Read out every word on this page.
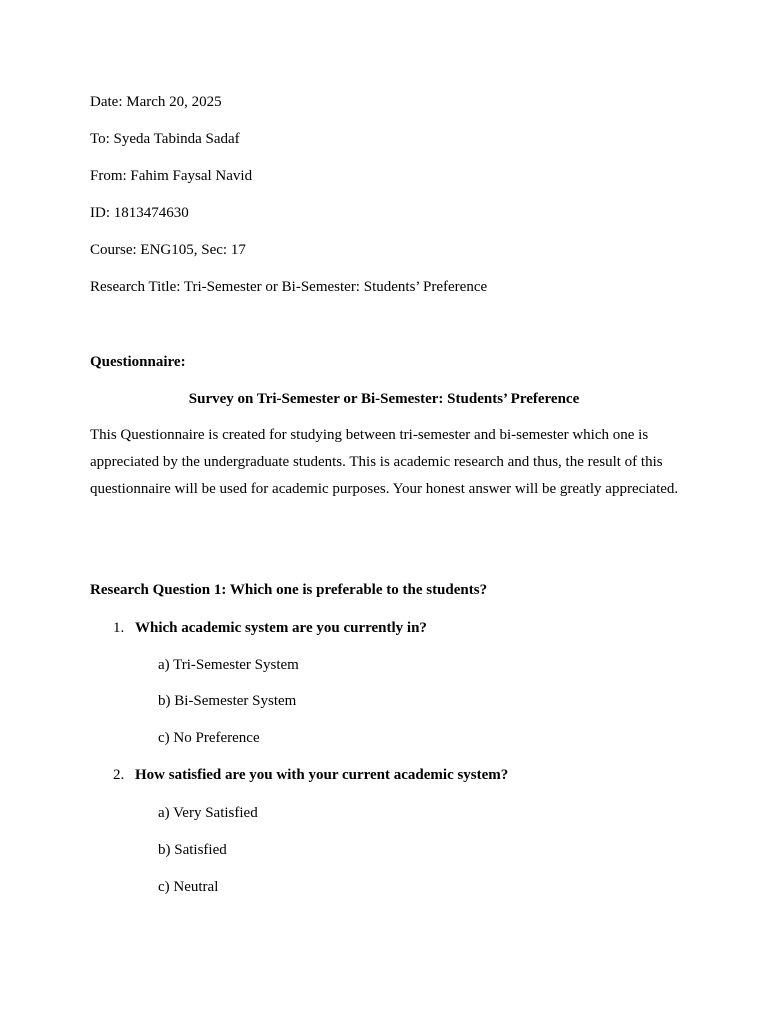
Date: March 20, 2025
To: Syeda Tabinda Sadaf
From: Fahim Faysal Navid
ID: 1813474630
Course: ENG105, Sec: 17
Research Title: Tri-Semester or Bi-Semester: Students’ Preference
Questionnaire:
Survey on Tri-Semester or Bi-Semester: Students’ Preference
This Questionnaire is created for studying between tri-semester and bi-semester which one is appreciated by the undergraduate students. This is academic research and thus, the result of this questionnaire will be used for academic purposes. Your honest answer will be greatly appreciated.
Research Question 1: Which one is preferable to the students?
1. Which academic system are you currently in?
a) Tri-Semester System
b) Bi-Semester System
c) No Preference
2. How satisfied are you with your current academic system?
a) Very Satisfied
b) Satisfied
c) Neutral
